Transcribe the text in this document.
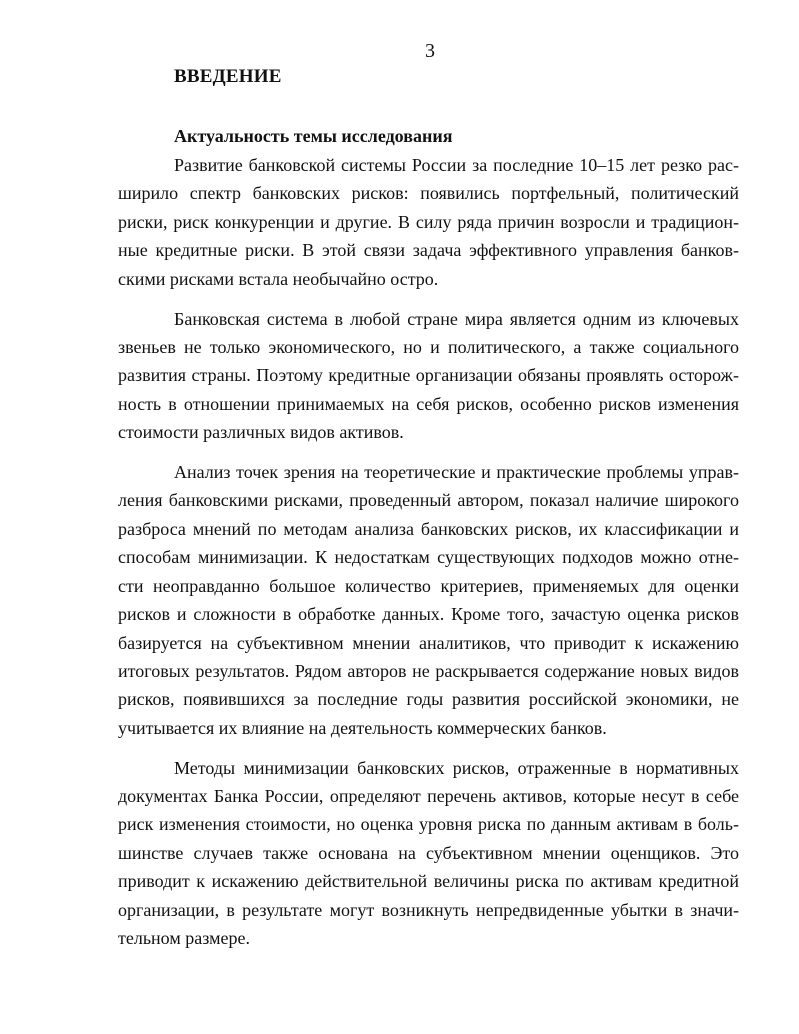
3
ВВЕДЕНИЕ
Актуальность темы исследования
Развитие банковской системы России за последние 10–15 лет резко рас-
ширило спектр банковских рисков: появились портфельный, политический
риски, риск конкуренции и другие. В силу ряда причин возросли и традицион-
ные кредитные риски. В этой связи задача эффективного управления банков-
скими рисками встала необычайно остро.
Банковская система в любой стране мира является одним из ключевых
звеньев не только экономического, но и политического, а также социального
развития страны. Поэтому кредитные организации обязаны проявлять осторож-
ность в отношении принимаемых на себя рисков, особенно рисков изменения
стоимости различных видов активов.
Анализ точек зрения на теоретические и практические проблемы управ-
ления банковскими рисками, проведенный автором, показал наличие широкого
разброса мнений по методам анализа банковских рисков, их классификации и
способам минимизации. К недостаткам существующих подходов можно отне-
сти неоправданно большое количество критериев, применяемых для оценки
рисков и сложности в обработке данных. Кроме того, зачастую оценка рисков
базируется на субъективном мнении аналитиков, что приводит к искажению
итоговых результатов. Рядом авторов не раскрывается содержание новых видов
рисков, появившихся за последние годы развития российской экономики, не
учитывается их влияние на деятельность коммерческих банков.
Методы минимизации банковских рисков, отраженные в нормативных
документах Банка России, определяют перечень активов, которые несут в себе
риск изменения стоимости, но оценка уровня риска по данным активам в боль-
шинстве случаев также основана на субъективном мнении оценщиков. Это
приводит к искажению действительной величины риска по активам кредитной
организации, в результате могут возникнуть непредвиденные убытки в значи-
тельном размере.
